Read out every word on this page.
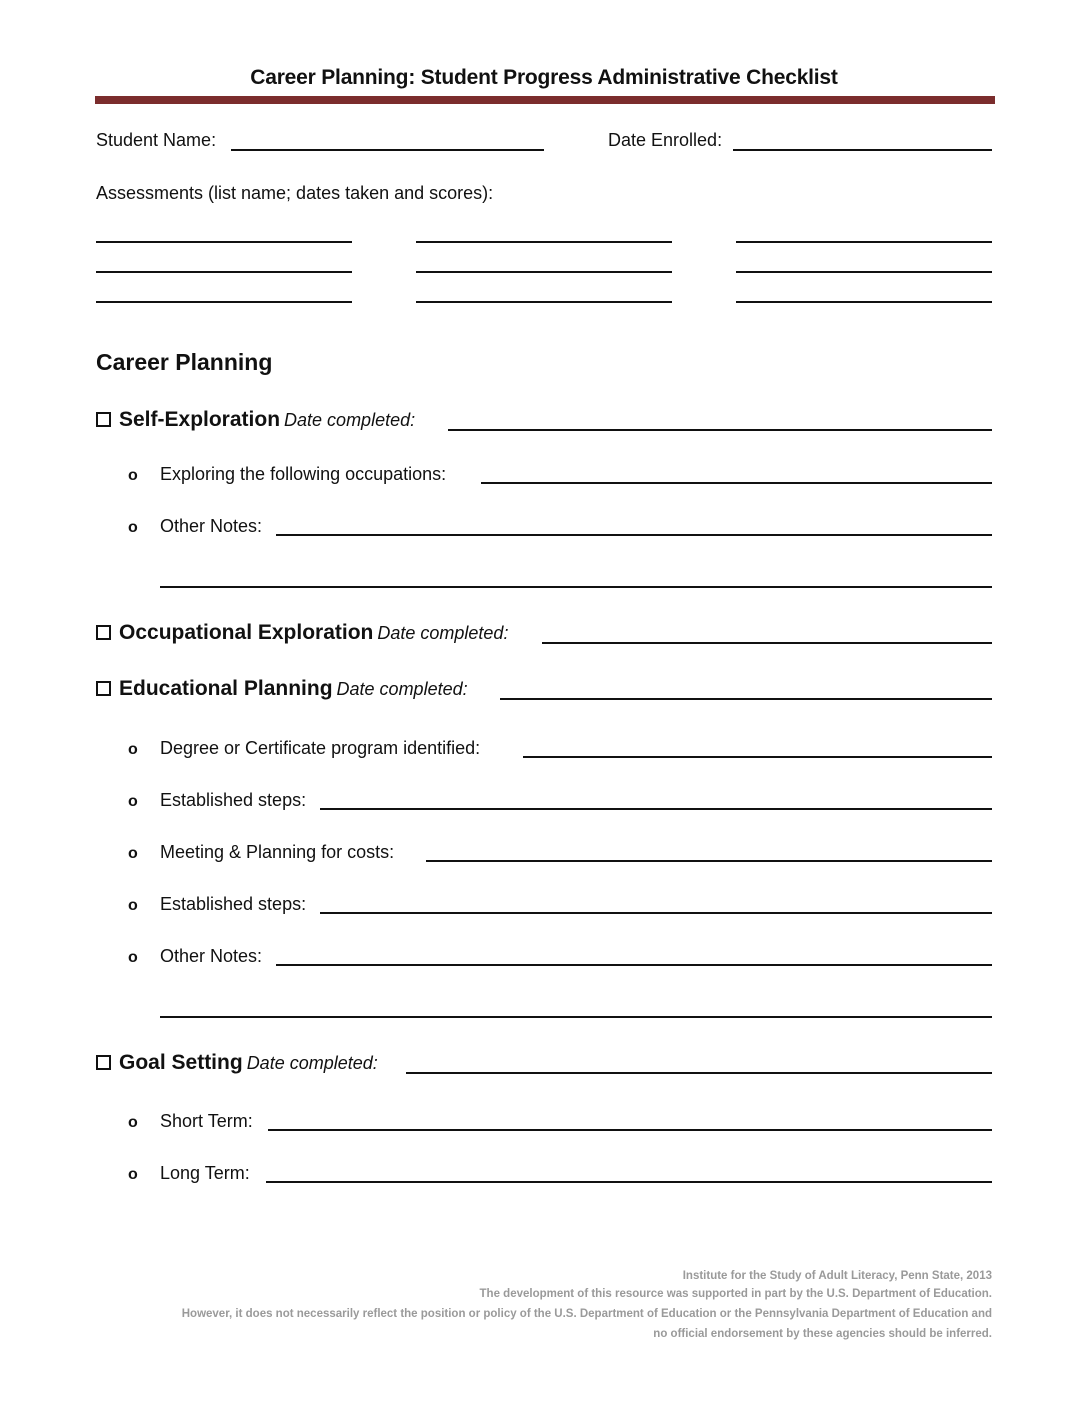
Career Planning: Student Progress Administrative Checklist
Student Name:	Date Enrolled:
Assessments (list name; dates taken and scores):
Career Planning
Self-Exploration Date completed:
o Exploring the following occupations:
o Other Notes:
Occupational Exploration Date completed:
Educational Planning Date completed:
o Degree or Certificate program identified:
o Established steps:
o Meeting & Planning for costs:
o Established steps:
o Other Notes:
Goal Setting Date completed:
o Short Term:
o Long Term:
Institute for the Study of Adult Literacy, Penn State, 2013
The development of this resource was supported in part by the U.S. Department of Education.
However, it does not necessarily reflect the position or policy of the U.S. Department of Education or the Pennsylvania Department of Education and
no official endorsement by these agencies should be inferred.
